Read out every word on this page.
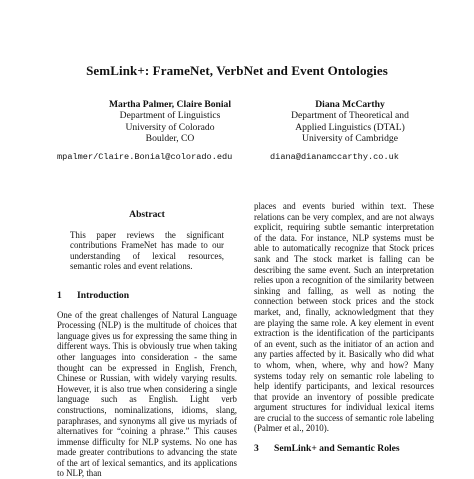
SemLink+: FrameNet, VerbNet and Event Ontologies
Martha Palmer, Claire Bonial
Department of Linguistics
University of Colorado
Boulder, CO
Diana McCarthy
Department of Theoretical and
Applied Linguistics (DTAL)
University of Cambridge
mpalmer/Claire.Bonial@colorado.edu	diana@dianamccarthy.co.uk
Abstract
This paper reviews the significant contributions FrameNet has made to our understanding of lexical resources, semantic roles and event relations.
1 Introduction
One of the great challenges of Natural Language Processing (NLP) is the multitude of choices that language gives us for expressing the same thing in different ways. This is obviously true when taking other languages into consideration - the same thought can be expressed in English, French, Chinese or Russian, with widely varying results. However, it is also true when considering a single language such as English. Light verb constructions, nominalizations, idioms, slang, paraphrases, and synonyms all give us myriads of alternatives for “coining a phrase.” This causes immense difficulty for NLP systems. No one has made greater contributions to advancing the state of the art of lexical semantics, and its applications to NLP, than
places and events buried within text. These relations can be very complex, and are not always explicit, requiring subtle semantic interpretation of the data. For instance, NLP systems must be able to automatically recognize that Stock prices sank and The stock market is falling can be describing the same event. Such an interpretation relies upon a recognition of the similarity between sinking and falling, as well as noting the connection between stock prices and the stock market, and, finally, acknowledgment that they are playing the same role. A key element in event extraction is the identification of the participants of an event, such as the initiator of an action and any parties affected by it. Basically who did what to whom, when, where, why and how? Many systems today rely on semantic role labeling to help identify participants, and lexical resources that provide an inventory of possible predicate argument structures for individual lexical items are crucial to the success of semantic role labeling (Palmer et al., 2010).
3 SemLink+ and Semantic Roles
